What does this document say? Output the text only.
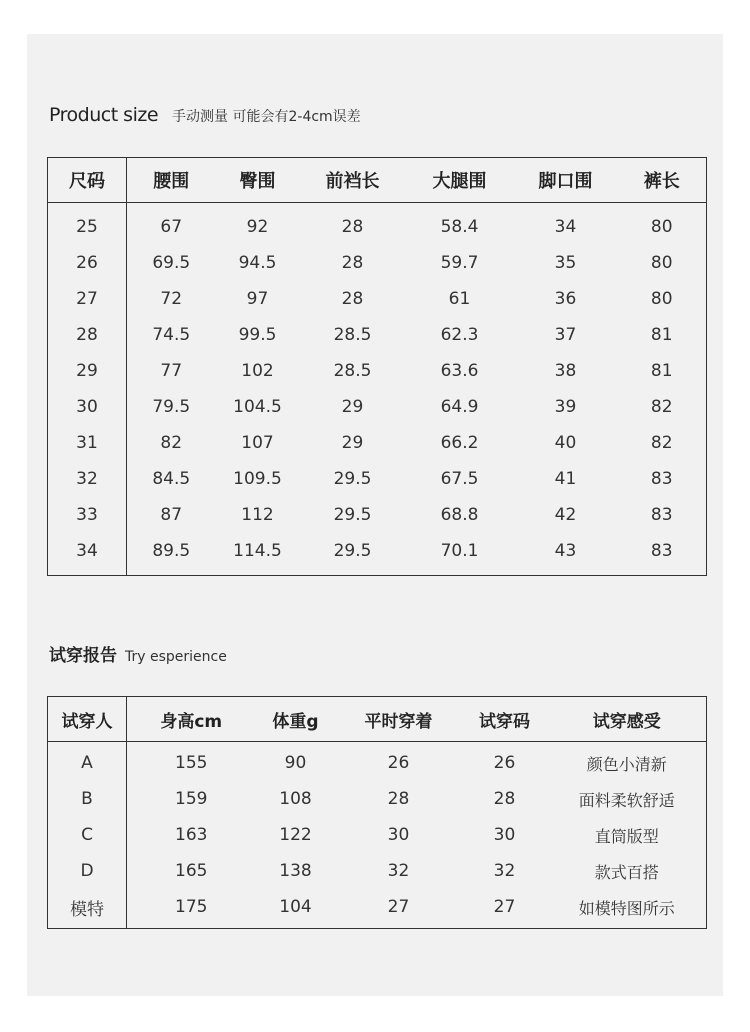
Product size 手动测量 可能会有2-4cm误差
尺码	腰围	臀围	前裆长	大腿围	脚口围	裤长
25	67	92	28	58.4	34	80
26	69.5	94.5	28	59.7	35	80
27	72	97	28	61	36	80
28	74.5	99.5	28.5	62.3	37	81
29	77	102	28.5	63.6	38	81
30	79.5	104.5	29	64.9	39	82
31	82	107	29	66.2	40	82
32	84.5	109.5	29.5	67.5	41	83
33	87	112	29.5	68.8	42	83
34	89.5	114.5	29.5	70.1	43	83
试穿报告 Try esperience
试穿人	身高cm	体重g	平时穿着	试穿码	试穿感受
A	155	90	26	26	颜色小清新
B	159	108	28	28	面料柔软舒适
C	163	122	30	30	直筒版型
D	165	138	32	32	款式百搭
模特	175	104	27	27	如模特图所示
